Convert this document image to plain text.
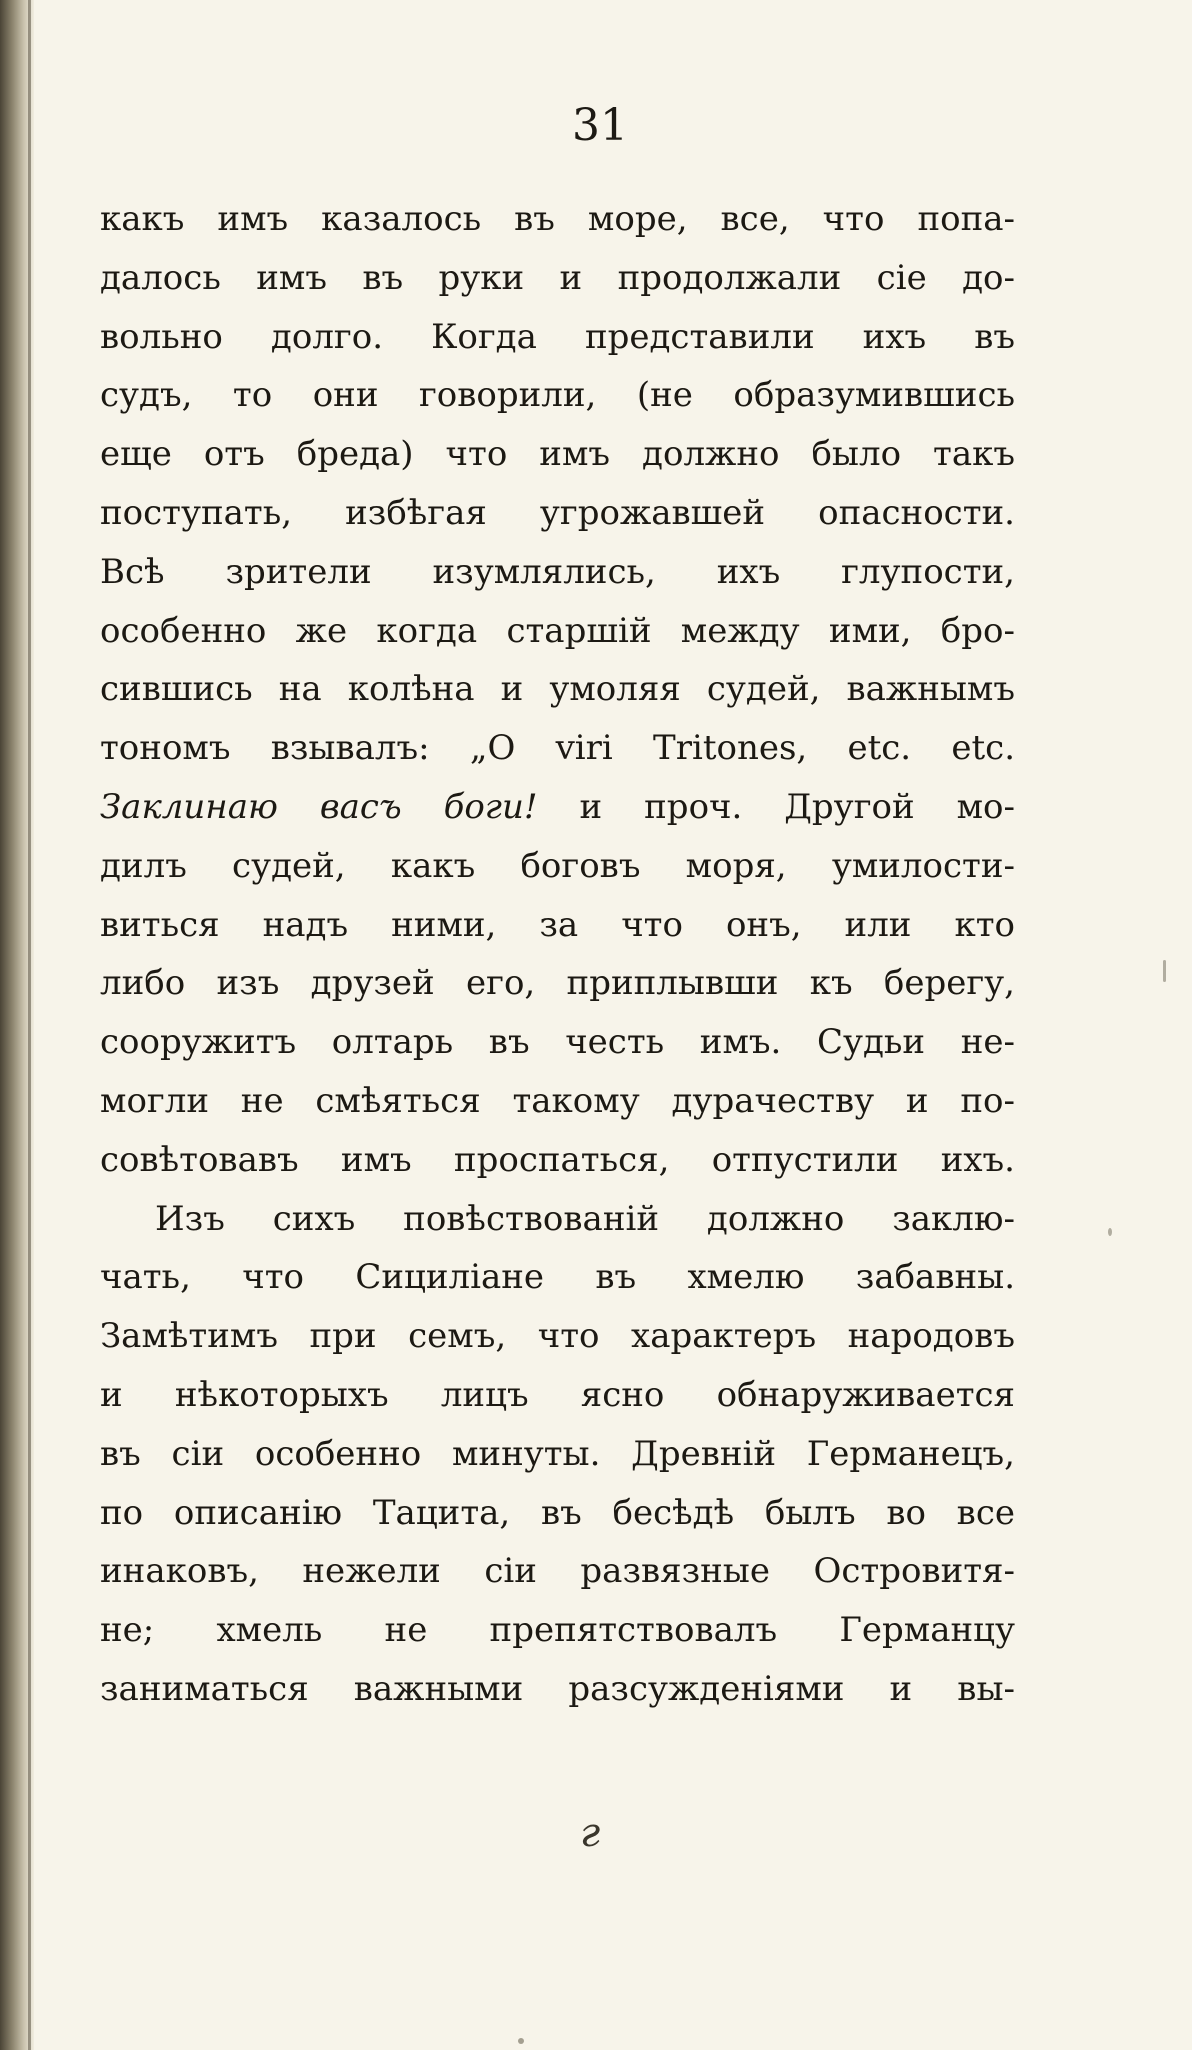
31
какъ имъ казалось въ море, все, что попа-
далось имъ въ руки и продолжали сіе до-
вольно долго. Когда представили ихъ въ
судъ, то они говорили, (не образумившись
еще отъ бреда) что имъ должно было такъ
поступать, избѣгая угрожавшей опасности.
Всѣ зрители изумлялись, ихъ глупости,
особенно же когда старшій между ими, бро-
сившись на колѣна и умоляя судей, важнымъ
тономъ взывалъ: „O viri Tritones, etc. etc.
Заклинаю васъ боги! и проч. Другой мо-
дилъ судей, какъ боговъ моря, умилости-
виться надъ ними, за что онъ, или кто
либо изъ друзей его, приплывши къ берегу,
сооружитъ олтарь въ честь имъ. Судьи не-
могли не смѣяться такому дурачеству и по-
совѣтовавъ имъ проспаться, отпустили ихъ.
Изъ сихъ повѣствованій должно заклю-
чать, что Сициліане въ хмелю забавны.
Замѣтимъ при семъ, что характеръ народовъ
и нѣкоторыхъ лицъ ясно обнаруживается
въ сіи особенно минуты. Древній Германецъ,
по описанію Тацита, въ бесѣдѣ былъ во все
инаковъ, нежели сіи развязные Островитя-
не; хмель не препятствовалъ Германцу
заниматься важными разсужденіями и вы-
г
